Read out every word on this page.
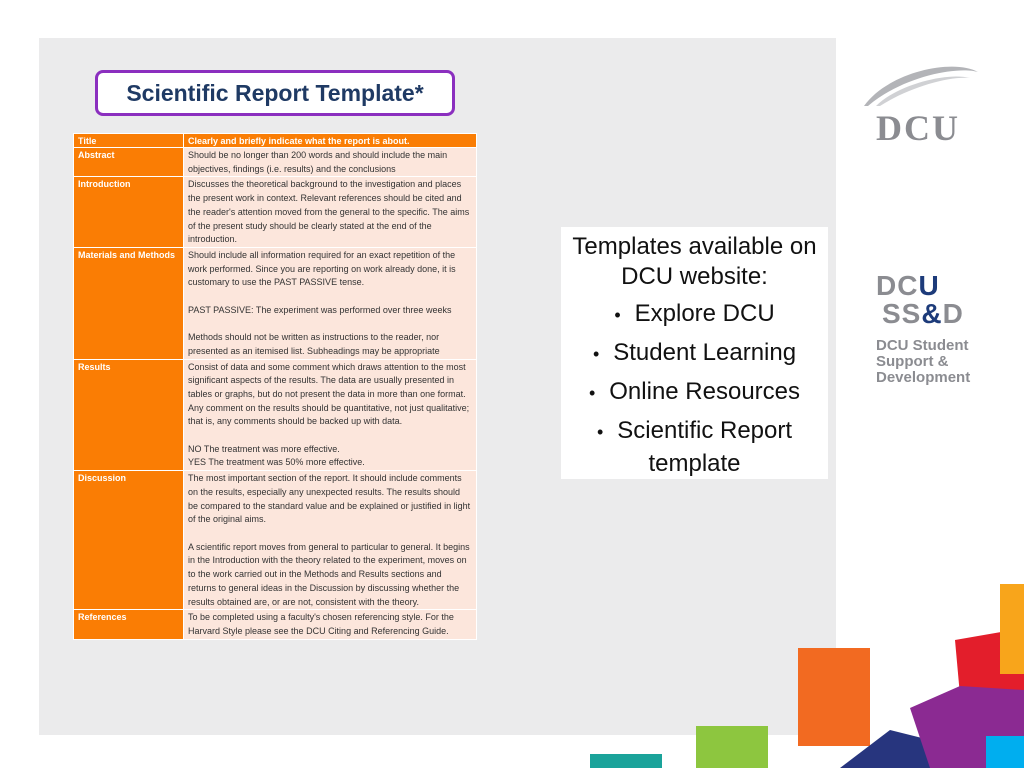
Scientific Report Template*
Title	Clearly and briefly indicate what the report is about.
Abstract	Should be no longer than 200 words and should include the main objectives, findings (i.e. results) and the conclusions
Introduction	Discusses the theoretical background to the investigation and places the present work in context. Relevant references should be cited and the reader's attention moved from the general to the specific. The aims of the present study should be clearly stated at the end of the introduction.
Materials and Methods	Should include all information required for an exact repetition of the work performed. Since you are reporting on work already done, it is customary to use the PAST PASSIVE tense.

PAST PASSIVE: The experiment was performed over three weeks

Methods should not be written as instructions to the reader, nor presented as an itemised list. Subheadings may be appropriate
Results	Consist of data and some comment which draws attention to the most significant aspects of the results. The data are usually presented in tables or graphs, but do not present the data in more than one format. Any comment on the results should be quantitative, not just qualitative; that is, any comments should be backed up with data.

NO The treatment was more effective.
YES The treatment was 50% more effective.
Discussion	The most important section of the report. It should include comments on the results, especially any unexpected results. The results should be compared to the standard value and be explained or justified in light of the original aims.

A scientific report moves from general to particular to general. It begins in the Introduction with the theory related to the experiment, moves on to the work carried out in the Methods and Results sections and returns to general ideas in the Discussion by discussing whether the results obtained are, or are not, consistent with the theory.
References	To be completed using a faculty's chosen referencing style. For the Harvard Style please see the DCU Citing and Referencing Guide.
Templates available on DCU website:
• Explore DCU
• Student Learning
• Online Resources
• Scientific Report template
DCU
DCU
SS&D
DCU Student
Support &
Development
